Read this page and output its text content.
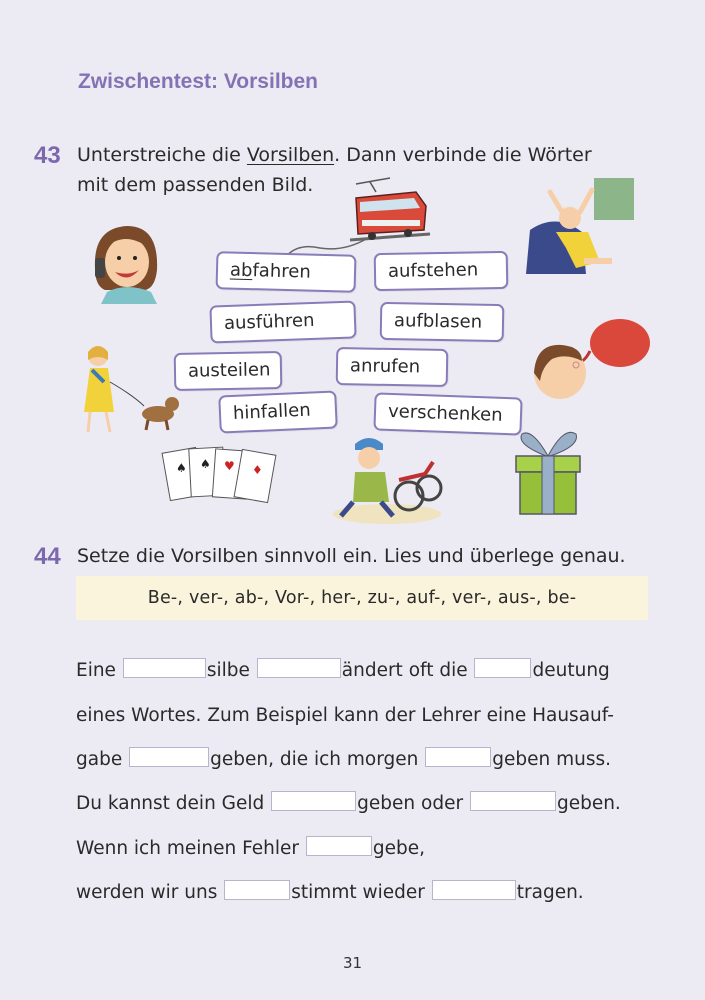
Zwischentest: Vorsilben
43 Unterstreiche die Vorsilben. Dann verbinde die Wörter
mit dem passenden Bild.
♠ ♠ ♥ ♦
abfahren	aufstehen
ausführen	aufblasen
austeilen	anrufen
hinfallen	verschenken
44 Setze die Vorsilben sinnvoll ein. Lies und überlege genau.
Be-, ver-, ab-, Vor-, her-, zu-, auf-, ver-, aus-, be-
Eine	silbe	ändert oft die	deutung
eines Wortes. Zum Beispiel kann der Lehrer eine Hausauf-
gabe	geben, die ich morgen	geben muss.
Du kannst dein Geld	geben oder	geben.
Wenn ich meinen Fehler	gebe,
werden wir uns	stimmt wieder	tragen.
31
